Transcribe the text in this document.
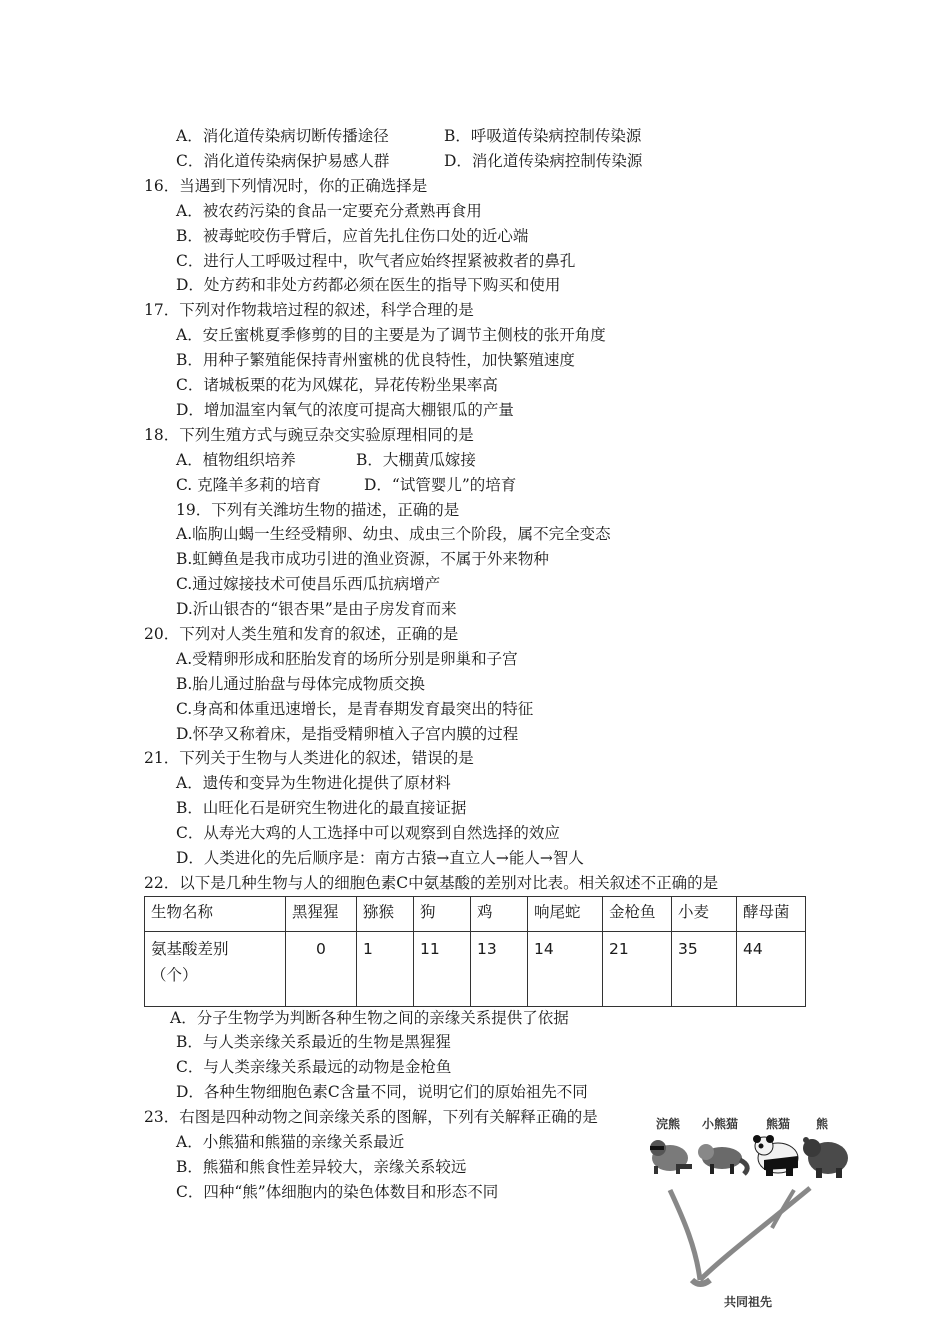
A．消化道传染病切断传播途径	B．呼吸道传染病控制传染源
C．消化道传染病保护易感人群	D．消化道传染病控制传染源
16．当遇到下列情况时，你的正确选择是
A．被农药污染的食品一定要充分煮熟再食用
B．被毒蛇咬伤手臂后，应首先扎住伤口处的近心端
C．进行人工呼吸过程中，吹气者应始终捏紧被救者的鼻孔
D．处方药和非处方药都必须在医生的指导下购买和使用
17．下列对作物栽培过程的叙述，科学合理的是
A．安丘蜜桃夏季修剪的目的主要是为了调节主侧枝的张开角度
B．用种子繁殖能保持青州蜜桃的优良特性，加快繁殖速度
C．诸城板栗的花为风媒花，异花传粉坐果率高
D．增加温室内氧气的浓度可提高大棚银瓜的产量
18．下列生殖方式与豌豆杂交实验原理相同的是
A．植物组织培养	B．大棚黄瓜嫁接
C. 克隆羊多莉的培育	D．“试管婴儿”的培育
19．下列有关潍坊生物的描述，正确的是
A.临朐山蝎一生经受精卵、幼虫、成虫三个阶段，属不完全变态
B.虹鳟鱼是我市成功引进的渔业资源，不属于外来物种
C.通过嫁接技术可使昌乐西瓜抗病增产
D.沂山银杏的“银杏果”是由子房发育而来
20．下列对人类生殖和发育的叙述，正确的是
A.受精卵形成和胚胎发育的场所分别是卵巢和子宫
B.胎儿通过胎盘与母体完成物质交换
C.身高和体重迅速增长，是青春期发育最突出的特征
D.怀孕又称着床，是指受精卵植入子宫内膜的过程
21．下列关于生物与人类进化的叙述，错误的是
A．遗传和变异为生物进化提供了原材料
B．山旺化石是研究生物进化的最直接证据
C．从寿光大鸡的人工选择中可以观察到自然选择的效应
D．人类进化的先后顺序是：南方古猿→直立人→能人→智人
22．以下是几种生物与人的细胞色素C中氨基酸的差别对比表。相关叙述不正确的是
生物名称	黑猩猩	猕猴	狗	鸡	响尾蛇	金枪鱼	小麦	酵母菌

氨基酸差别
（个）	0	1	11	13	14	21	35	44
A．分子生物学为判断各种生物之间的亲缘关系提供了依据
B．与人类亲缘关系最近的生物是黑猩猩
C．与人类亲缘关系最远的动物是金枪鱼
D．各种生物细胞色素C含量不同，说明它们的原始祖先不同
23．右图是四种动物之间亲缘关系的图解，下列有关解释正确的是
A．小熊猫和熊猫的亲缘关系最近
B．熊猫和熊食性差异较大，亲缘关系较远
C．四种“熊”体细胞内的染色体数目和形态不同
浣熊 小熊猫 熊猫 熊
共同祖先
